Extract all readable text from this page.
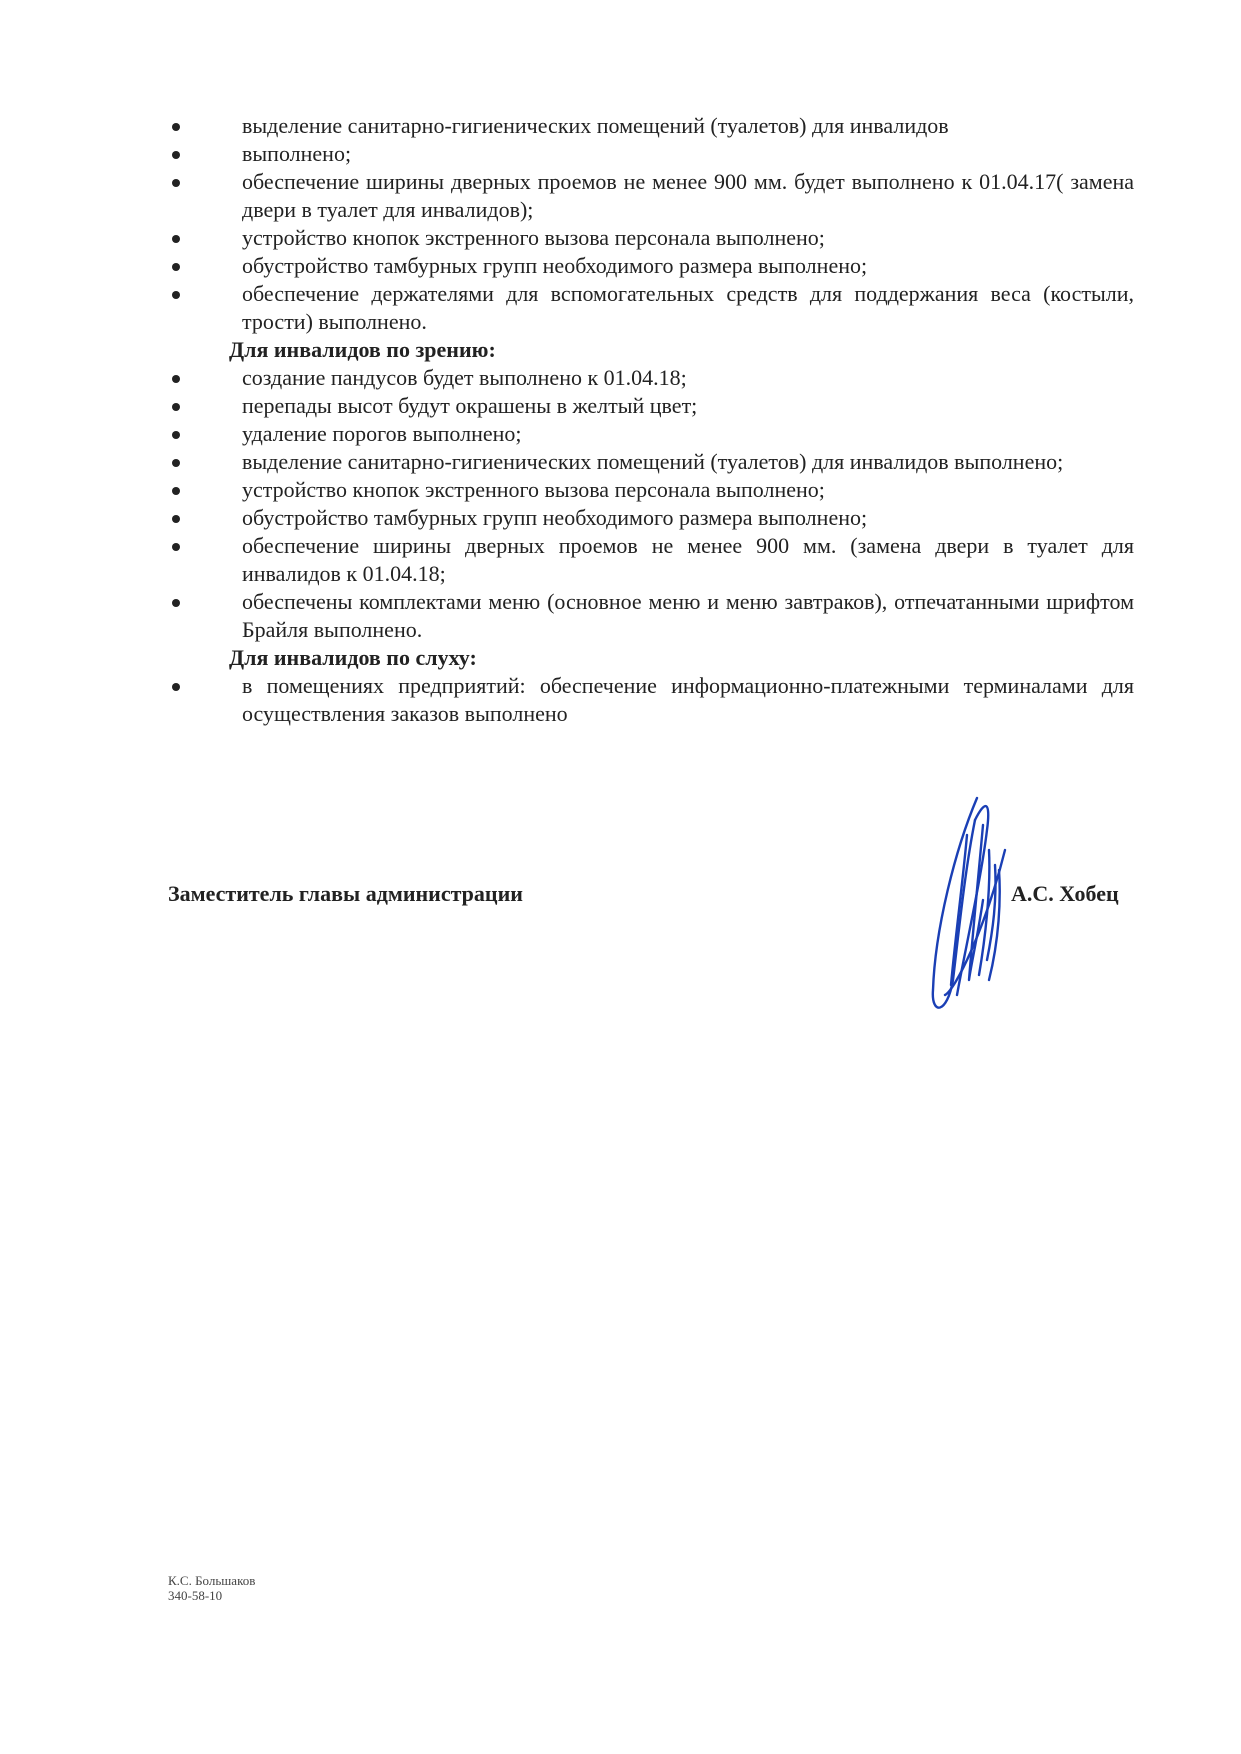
выделение санитарно-гигиенических помещений (туалетов) для инвалидов
выполнено;
обеспечение ширины дверных проемов не менее 900 мм. будет выполнено к 01.04.17( замена двери в туалет для инвалидов);
устройство кнопок экстренного вызова персонала выполнено;
обустройство тамбурных групп необходимого размера выполнено;
обеспечение держателями для вспомогательных средств для поддержания веса (костыли, трости) выполнено.
Для инвалидов по зрению:
создание пандусов будет выполнено к 01.04.18;
перепады высот будут окрашены в желтый цвет;
удаление порогов выполнено;
выделение санитарно-гигиенических помещений (туалетов) для инвалидов выполнено;
устройство кнопок экстренного вызова персонала выполнено;
обустройство тамбурных групп необходимого размера выполнено;
обеспечение ширины дверных проемов не менее 900 мм. (замена двери в туалет для инвалидов к 01.04.18;
обеспечены комплектами меню (основное меню и меню завтраков), отпечатанными шрифтом Брайля выполнено.
Для инвалидов по слуху:
в помещениях предприятий: обеспечение информационно-платежными терминалами для осуществления заказов выполнено
Заместитель главы администрации	А.С. Хобец
К.С. Большаков
340-58-10
